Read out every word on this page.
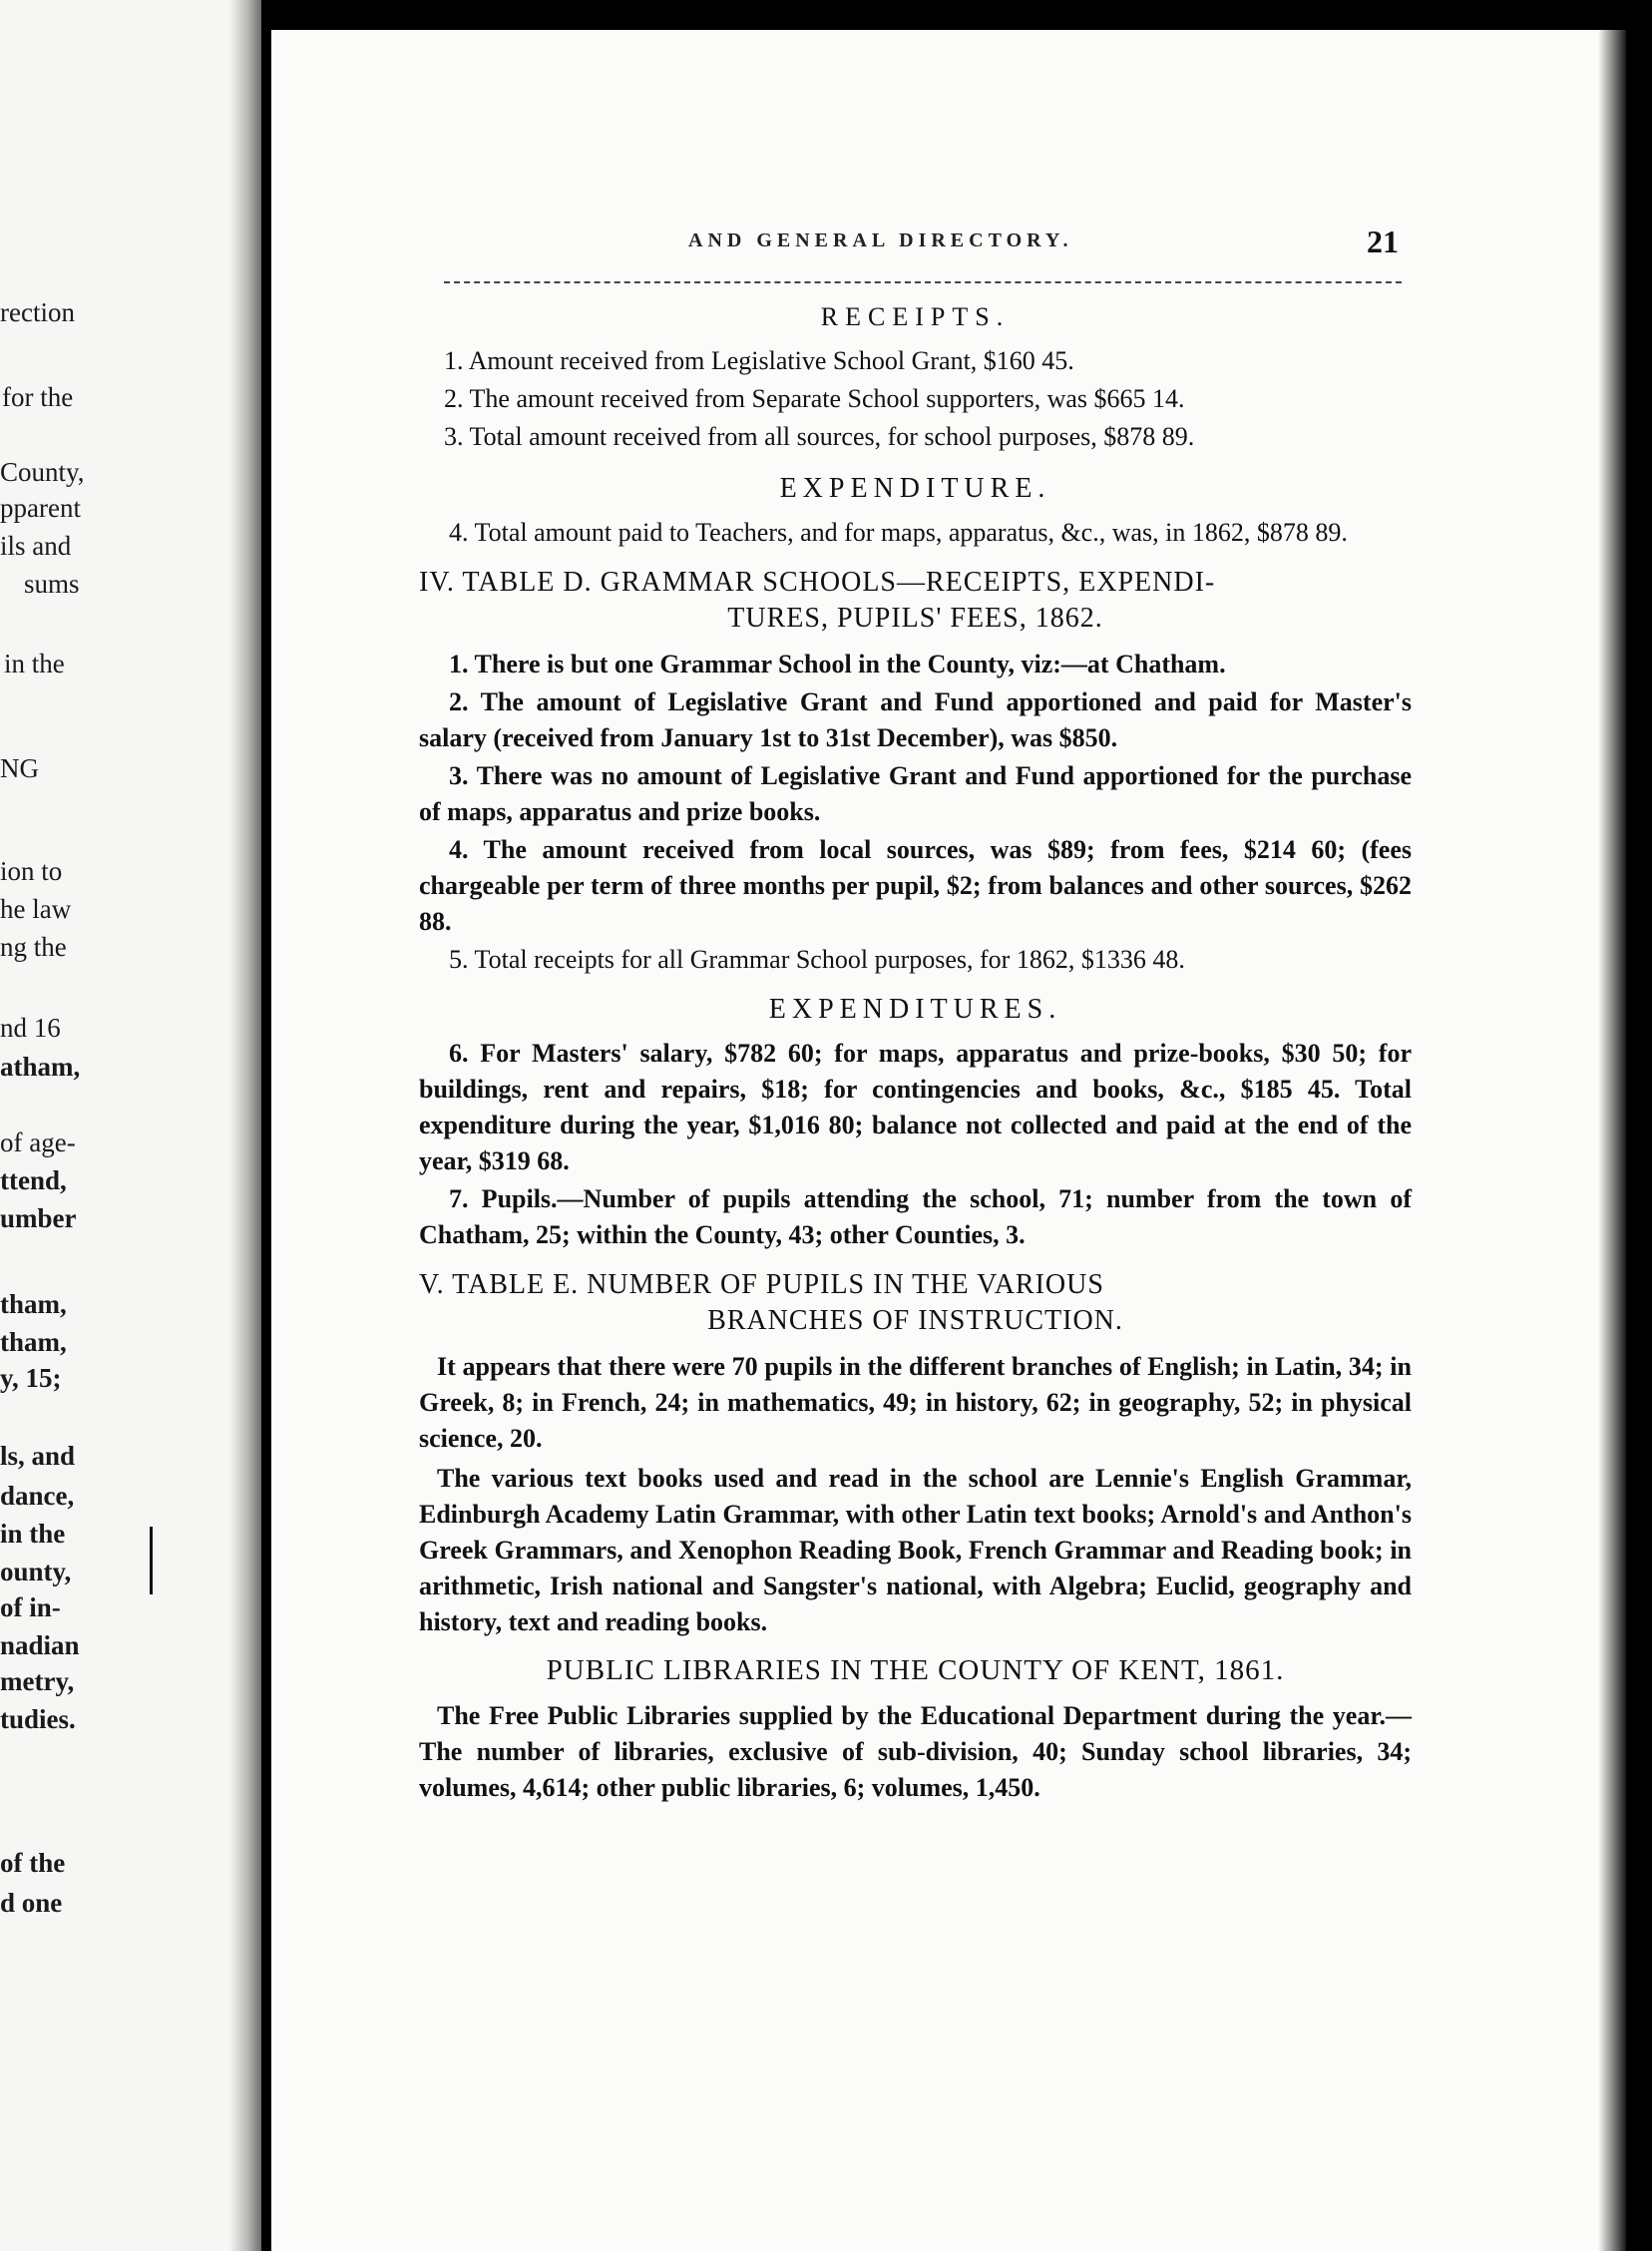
rection
for the
County,
pparent
ils and
sums
in the
NG
ion to
he law
ng the
nd 16
atham,
of age-
ttend,
umber
tham,
tham,
y, 15;
ls, and
dance,
in the
ounty,
of in-
nadian
metry,
tudies.
of the
d one
AND GENERAL DIRECTORY.	21
RECEIPTS.

1. Amount received from Legislative School Grant, $160 45.

2. The amount received from Separate School supporters, was $665 14.

3. Total amount received from all sources, for school purposes, $878 89.

EXPENDITURE.

4. Total amount paid to Teachers, and for maps, apparatus, &c., was, in 1862, $878 89.

IV. TABLE D. GRAMMAR SCHOOLS—RECEIPTS, EXPENDI-
TURES, PUPILS' FEES, 1862.

1. There is but one Grammar School in the County, viz:—at Chatham.

2. The amount of Legislative Grant and Fund apportioned and paid for Master's salary (received from January 1st to 31st December), was $850.

3. There was no amount of Legislative Grant and Fund apportioned for the purchase of maps, apparatus and prize books.

4. The amount received from local sources, was $89; from fees, $214 60; (fees chargeable per term of three months per pupil, $2; from balances and other sources, $262 88.

5. Total receipts for all Grammar School purposes, for 1862, $1336 48.

EXPENDITURES.

6. For Masters' salary, $782 60; for maps, apparatus and prize-books, $30 50; for buildings, rent and repairs, $18; for contingencies and books, &c., $185 45. Total expenditure during the year, $1,016 80; balance not collected and paid at the end of the year, $319 68.

7. Pupils.—Number of pupils attending the school, 71; number from the town of Chatham, 25; within the County, 43; other Counties, 3.

V. TABLE E. NUMBER OF PUPILS IN THE VARIOUS
BRANCHES OF INSTRUCTION.

It appears that there were 70 pupils in the different branches of English; in Latin, 34; in Greek, 8; in French, 24; in mathematics, 49; in history, 62; in geography, 52; in physical science, 20.

The various text books used and read in the school are Lennie's English Grammar, Edinburgh Academy Latin Grammar, with other Latin text books; Arnold's and Anthon's Greek Grammars, and Xenophon Reading Book, French Grammar and Reading book; in arithmetic, Irish national and Sangster's national, with Algebra; Euclid, geography and history, text and reading books.

PUBLIC LIBRARIES IN THE COUNTY OF KENT, 1861.

The Free Public Libraries supplied by the Educational Department during the year.—The number of libraries, exclusive of sub-division, 40; Sunday school libraries, 34; volumes, 4,614; other public libraries, 6; volumes, 1,450.
